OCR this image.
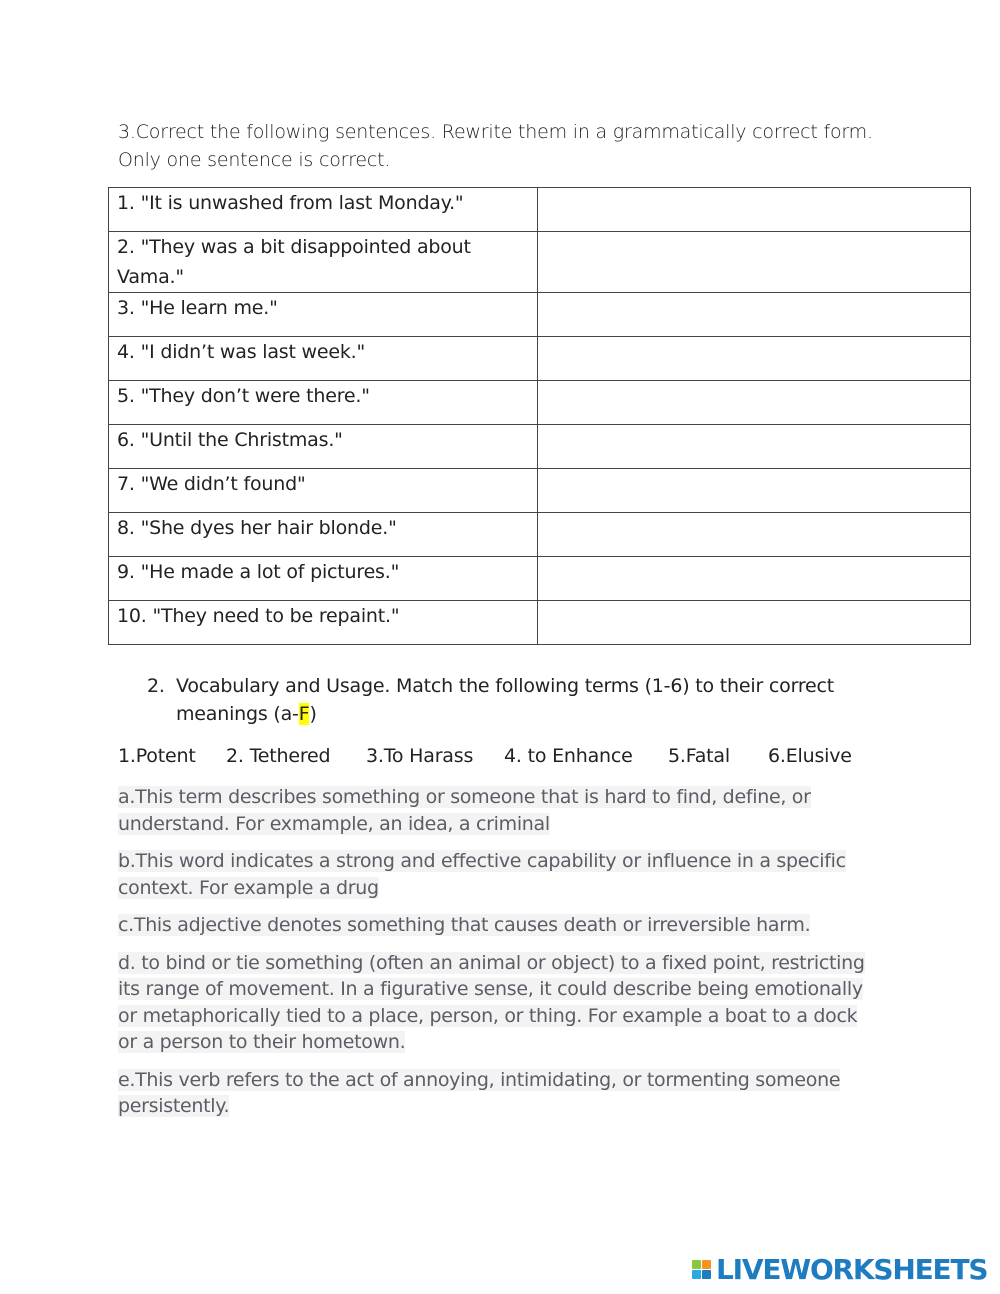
3.Correct the following sentences. Rewrite them in a grammatically correct form. Only one sentence is correct.
1. "It is unwashed from last Monday."	
2. "They was a bit disappointed about Vama."	
3. "He learn me."	
4. "I didn’t was last week."	
5. "They don’t were there."	
6. "Until the Christmas."	
7. "We didn’t found"	
8. "She dyes her hair blonde."	
9. "He made a lot of pictures."	
10. "They need to be repaint."	
2. Vocabulary and Usage. Match the following terms (1-6) to their correct meanings (a-F)
1.Potent 2. Tethered 3.To Harass 4. to Enhance 5.Fatal 6.Elusive
a.This term describes something or someone that is hard to find, define, or understand. For exmample, an idea, a criminal
b.This word indicates a strong and effective capability or influence in a specific context. For example a drug
c.This adjective denotes something that causes death or irreversible harm.
d. to bind or tie something (often an animal or object) to a fixed point, restricting its range of movement. In a figurative sense, it could describe being emotionally or metaphorically tied to a place, person, or thing. For example a boat to a dock or a person to their hometown.
e.This verb refers to the act of annoying, intimidating, or tormenting someone persistently.
LIVEWORKSHEETS
